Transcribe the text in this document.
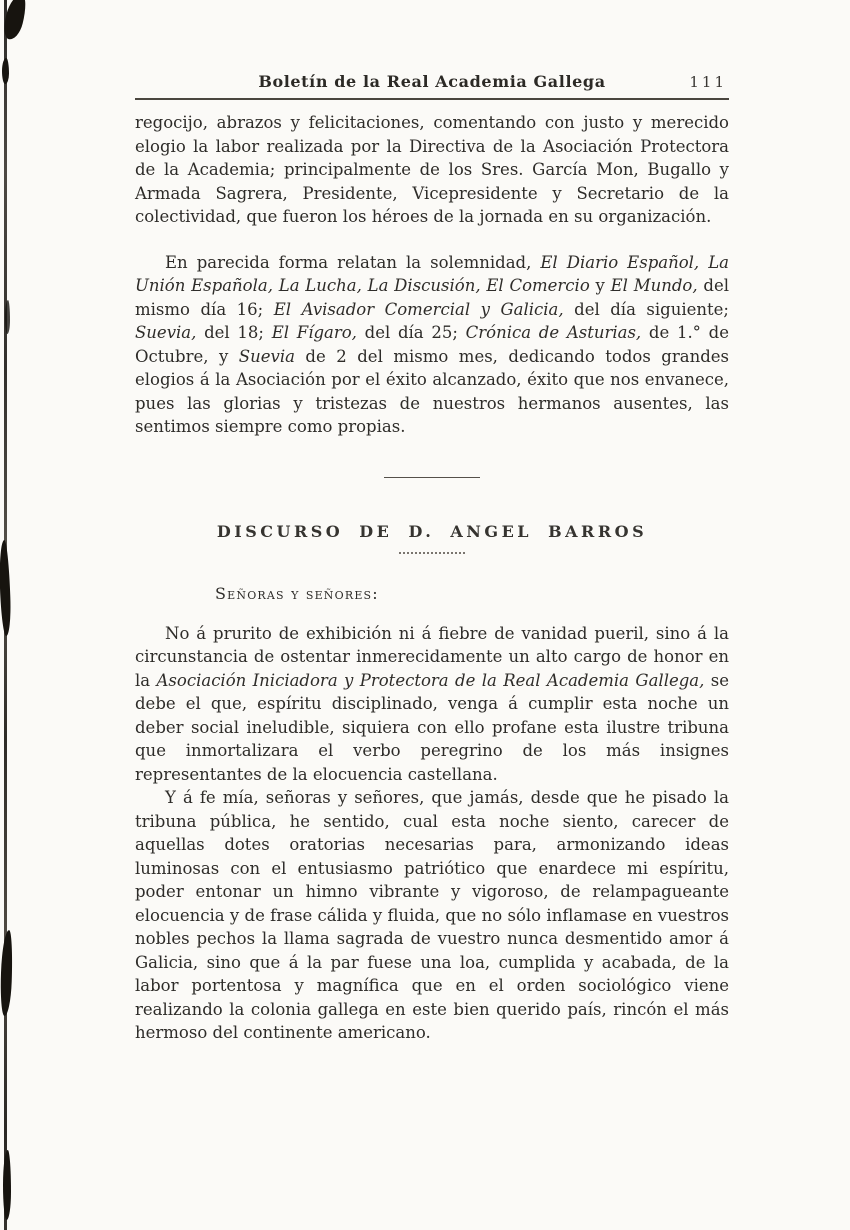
Boletín de la Real Academia Gallega	111

regocijo, abrazos y felicitaciones, comentando con justo y merecido elogio la labor realizada por la Directiva de la Asociación Protectora de la Academia; principalmente de los Sres. García Mon, Bugallo y Armada Sagrera, Presidente, Vicepresidente y Secretario de la colectividad, que fueron los héroes de la jornada en su organización.

En parecida forma relatan la solemnidad, El Diario Español, La Unión Española, La Lucha, La Discusión, El Comercio y El Mundo, del mismo día 16; El Avisador Comercial y Galicia, del día siguiente; Suevia, del 18; El Fígaro, del día 25; Crónica de Asturias, de 1.° de Octubre, y Suevia de 2 del mismo mes, dedicando todos grandes elogios á la Asociación por el éxito alcanzado, éxito que nos envanece, pues las glorias y tristezas de nuestros hermanos ausentes, las sentimos siempre como propias.

DISCURSO DE D. ANGEL BARROS

Señoras y señores:

No á prurito de exhibición ni á fiebre de vanidad pueril, sino á la circunstancia de ostentar inmerecidamente un alto cargo de honor en la Asociación Iniciadora y Protectora de la Real Academia Gallega, se debe el que, espíritu disciplinado, venga á cumplir esta noche un deber social ineludible, siquiera con ello profane esta ilustre tribuna que inmortalizara el verbo peregrino de los más insignes representantes de la elocuencia castellana.

Y á fe mía, señoras y señores, que jamás, desde que he pisado la tribuna pública, he sentido, cual esta noche siento, carecer de aquellas dotes oratorias necesarias para, armonizando ideas luminosas con el entusiasmo patriótico que enardece mi espíritu, poder entonar un himno vibrante y vigoroso, de relampagueante elocuencia y de frase cálida y fluida, que no sólo inflamase en vuestros nobles pechos la llama sagrada de vuestro nunca desmentido amor á Galicia, sino que á la par fuese una loa, cumplida y acabada, de la labor portentosa y magnífica que en el orden sociológico viene realizando la colonia gallega en este bien querido país, rincón el más hermoso del continente americano.
